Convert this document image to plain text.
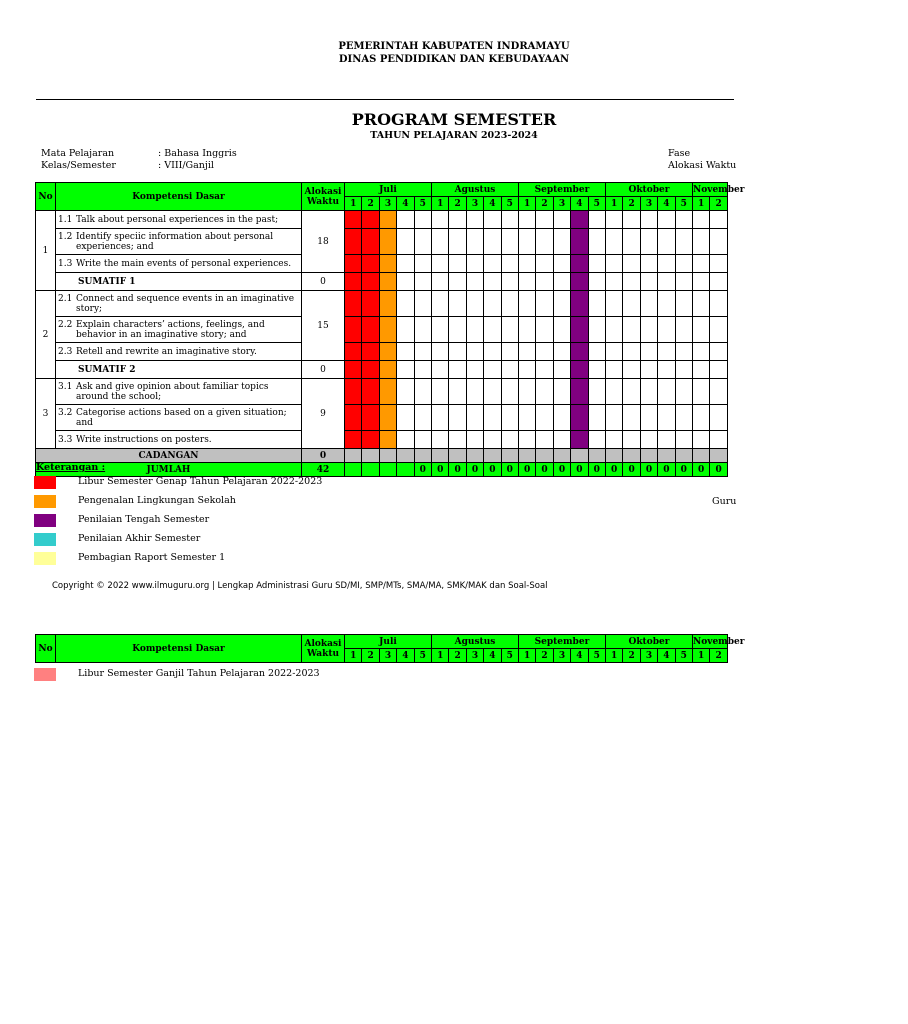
PEMERINTAH KABUPATEN INDRAMAYU
DINAS PENDIDIKAN DAN KEBUDAYAAN
PROGRAM SEMESTER
TAHUN PELAJARAN 2023-2024
Mata Pelajaran	: Bahasa Inggris
Kelas/Semester	: VIII/Ganjil
Fase
Alokasi Waktu
No	Kompetensi Dasar	Alokasi Waktu	Juli					Agustus					September					Oktober					November	
			1	2	3	4	5	1	2	3	4	5	1	2	3	4	5	1	2	3	4	5	1	2
1	1.1 Talk about personal experiences in the past;	18																						
	1.2 Identify speciic information about personal experiences; and																							
	1.3 Write the main events of personal experiences.																							
	SUMATIF 1	0																						
2	2.1 Connect and sequence events in an imaginative story;	15																						
	2.2 Explain characters’ actions, feelings, and behavior in an imaginative story; and																							
	2.3 Retell and rewrite an imaginative story.																							
	SUMATIF 2	0																						
3	3.1 Ask and give opinion about familiar topics around the school;	9																						
	3.2 Categorise actions based on a given situation; and																							
	3.3 Write instructions on posters.																							
CADANGAN		0																						
JUMLAH		42					0	0	0	0	0	0	0	0	0	0	0	0	0	0	0	0	0	0
Keterangan :
Libur Semester Genap Tahun Pelajaran 2022-2023
Pengenalan Lingkungan Sekolah
Penilaian Tengah Semester
Penilaian Akhir Semester
Pembagian Raport Semester 1
Guru
Copyright © 2022 www.ilmuguru.org | Lengkap Administrasi Guru SD/MI, SMP/MTs, SMA/MA, SMK/MAK dan Soal-Soal
No	Kompetensi Dasar	Alokasi Waktu	Juli					Agustus					September					Oktober					November	
			1	2	3	4	5	1	2	3	4	5	1	2	3	4	5	1	2	3	4	5	1	2
Libur Semester Ganjil Tahun Pelajaran 2022-2023
